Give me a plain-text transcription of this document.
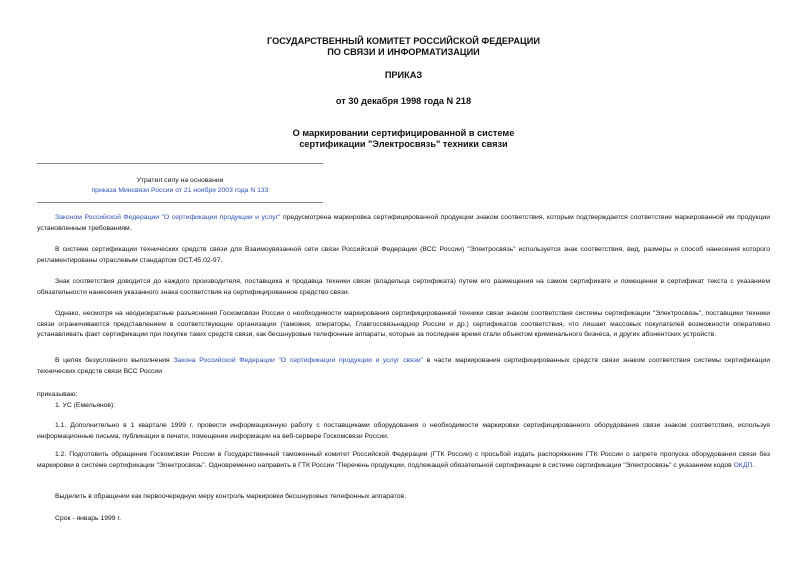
ГОСУДАРСТВЕННЫЙ КОМИТЕТ РОССИЙСКОЙ ФЕДЕРАЦИИ
ПО СВЯЗИ И ИНФОРМАТИЗАЦИИ
ПРИКАЗ
от 30 декабря 1998 года N 218
О маркировании сертифицированной в системе
сертификации "Электросвязь" техники связи
Утратил силу на основании
приказа Минсвязи России от 21 ноября 2003 года N 133

Законом Российской Федерации "О сертификации продукции и услуг" предусмотрена маркировка сертифицированной продукции знаком соответствия, которым подтверждается соответствие маркированной им продукции установленным требованиям.

В системе сертификации технических средств связи для Взаимоувязанной сети связи Российской Федерации (ВСС России) "Электросвязь" используется знак соответствия, вид, размеры и способ нанесения которого регламентированы отраслевым стандартом ОСТ.45.02-97.

Знак соответствия доводится до каждого производителя, поставщика и продавца техники связи (владельца сертификата) путем его размещения на самом сертификате и помещении в сертификат текста с указанием обязательности нанесения указанного знака соответствия на сертифицированное средство связи.

Однако, несмотря на неоднократные разъяснения Госкомсвязи России о необходимости маркирования сертифицированной техники связи знаком соответствия системы сертификации "Электросвязь", поставщики техники связи ограничиваются представлением в соответствующие организации (таможня, операторы, Главгоссвязьнадзор России и др.) сертификатов соответствия, что лишает массовых покупателей возможности оперативно устанавливать факт сертификации при покупке таких средств связи, как бесшнуровые телефонные аппараты, которые за последнее время стали объектом криминального бизнеса, и других абонентских устройств.

В целях безусловного выполнения Закона Российской Федерации "О сертификации продукции и услуг связи" в части маркирования сертифицированных средств связи знаком соответствия системы сертификации технических средств связи ВСС России

приказываю:

1. УС (Емельянов):

1.1. Дополнительно в 1 квартале 1999 г. провести информационную работу с поставщиками оборудования о необходимости маркировки сертифицированного оборудования связи знаком соответствия, используя информационные письма, публикации в печати, помещение информации на веб-сервере Госкомсвязи России.

1.2. Подготовить обращение Госкомсвязи России в Государственный таможенный комитет Российской Федерации (ГТК России) с просьбой издать распоряжение ГТК России о запрете пропуска оборудования связи без маркировки в системе сертификации "Электросвязь". Одновременно направить в ГТК России "Перечень продукции, подлежащей обязательной сертификации в системе сертификации "Электросвязь" с указанием кодов ОКДП.

Выделить в обращении как первоочередную меру контроль маркировки бесшнуровых телефонных аппаратов.

Срок - январь 1999 г.
